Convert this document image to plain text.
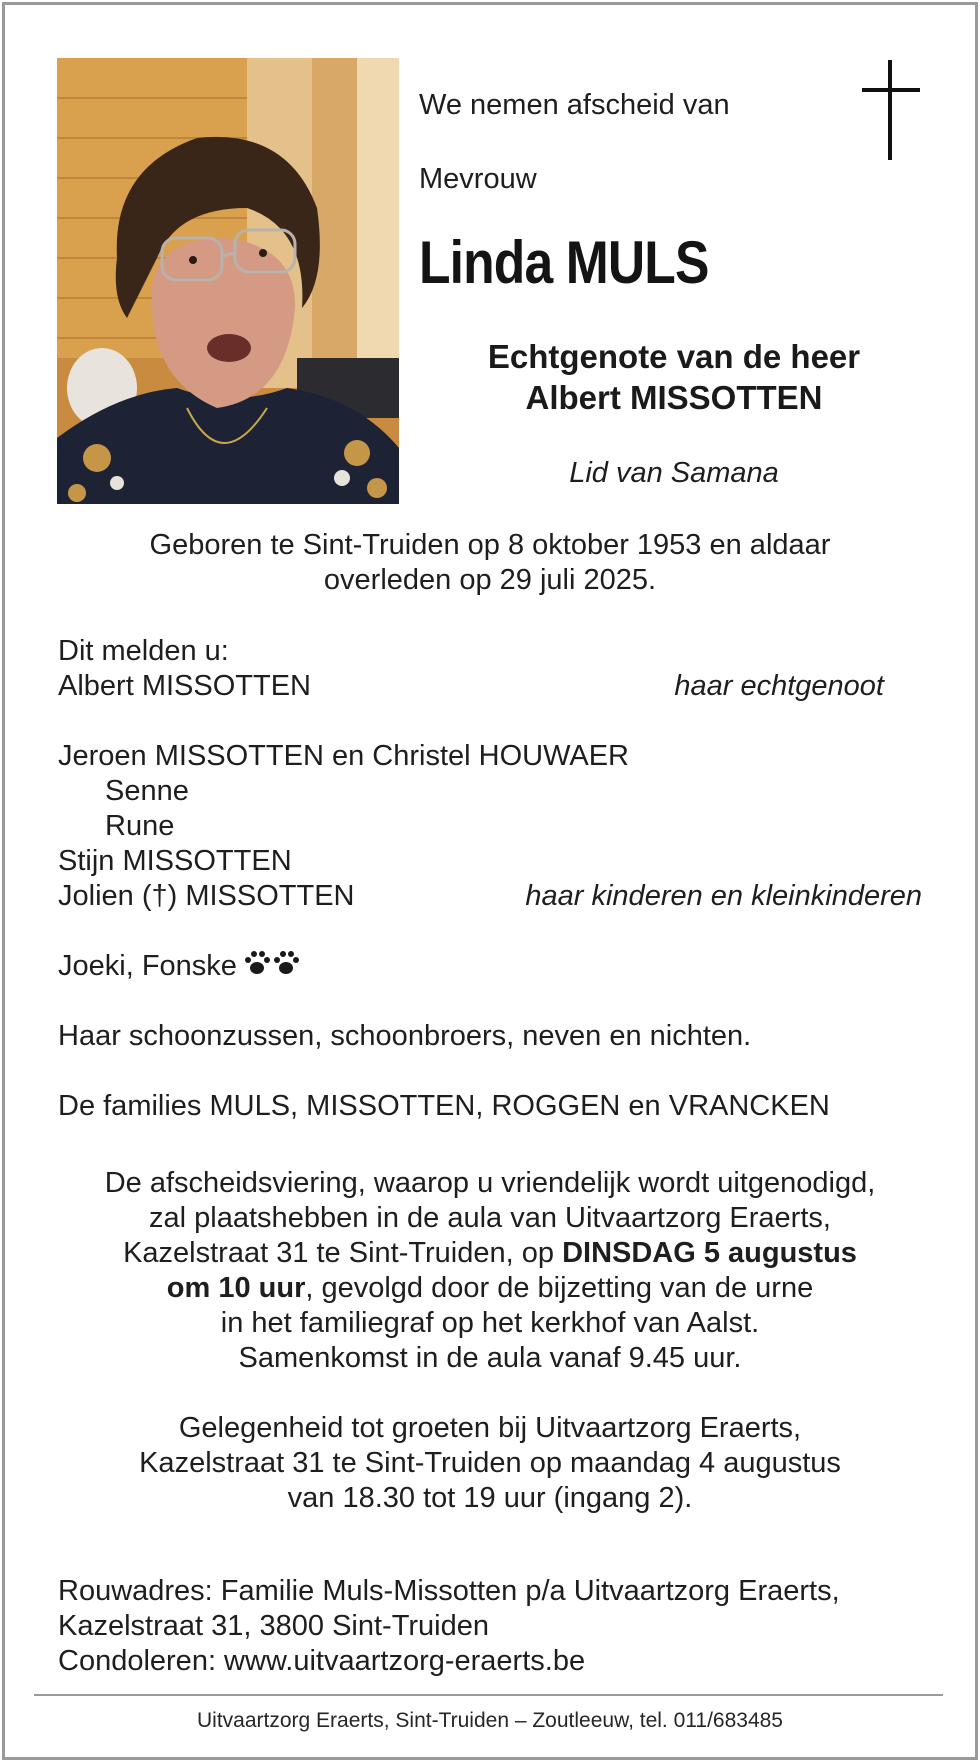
We nemen afscheid van

Mevrouw

Linda MULS

Echtgenote van de heer
Albert MISSOTTEN

Lid van Samana

Geboren te Sint-Truiden op 8 oktober 1953 en aldaar
overleden op 29 juli 2025.

Dit melden u:

Albert MISSOTTEN	haar echtgenoot

Jeroen MISSOTTEN en Christel HOUWAER

Senne

Rune

Stijn MISSOTTEN

Jolien (†) MISSOTTEN	haar kinderen en kleinkinderen

Joeki, Fonske

Haar schoonzussen, schoonbroers, neven en nichten.

De families MULS, MISSOTTEN, ROGGEN en VRANCKEN

De afscheidsviering, waarop u vriendelijk wordt uitgenodigd,
zal plaatshebben in de aula van Uitvaartzorg Eraerts,
Kazelstraat 31 te Sint-Truiden, op DINSDAG 5 augustus
om 10 uur, gevolgd door de bijzetting van de urne
in het familiegraf op het kerkhof van Aalst.
Samenkomst in de aula vanaf 9.45 uur.
Gelegenheid tot groeten bij Uitvaartzorg Eraerts,
Kazelstraat 31 te Sint-Truiden op maandag 4 augustus
van 18.30 tot 19 uur (ingang 2).
Rouwadres: Familie Muls-Missotten p/a Uitvaartzorg Eraerts,
Kazelstraat 31, 3800 Sint-Truiden
Condoleren: www.uitvaartzorg-eraerts.be

Uitvaartzorg Eraerts, Sint-Truiden – Zoutleeuw, tel. 011/683485
